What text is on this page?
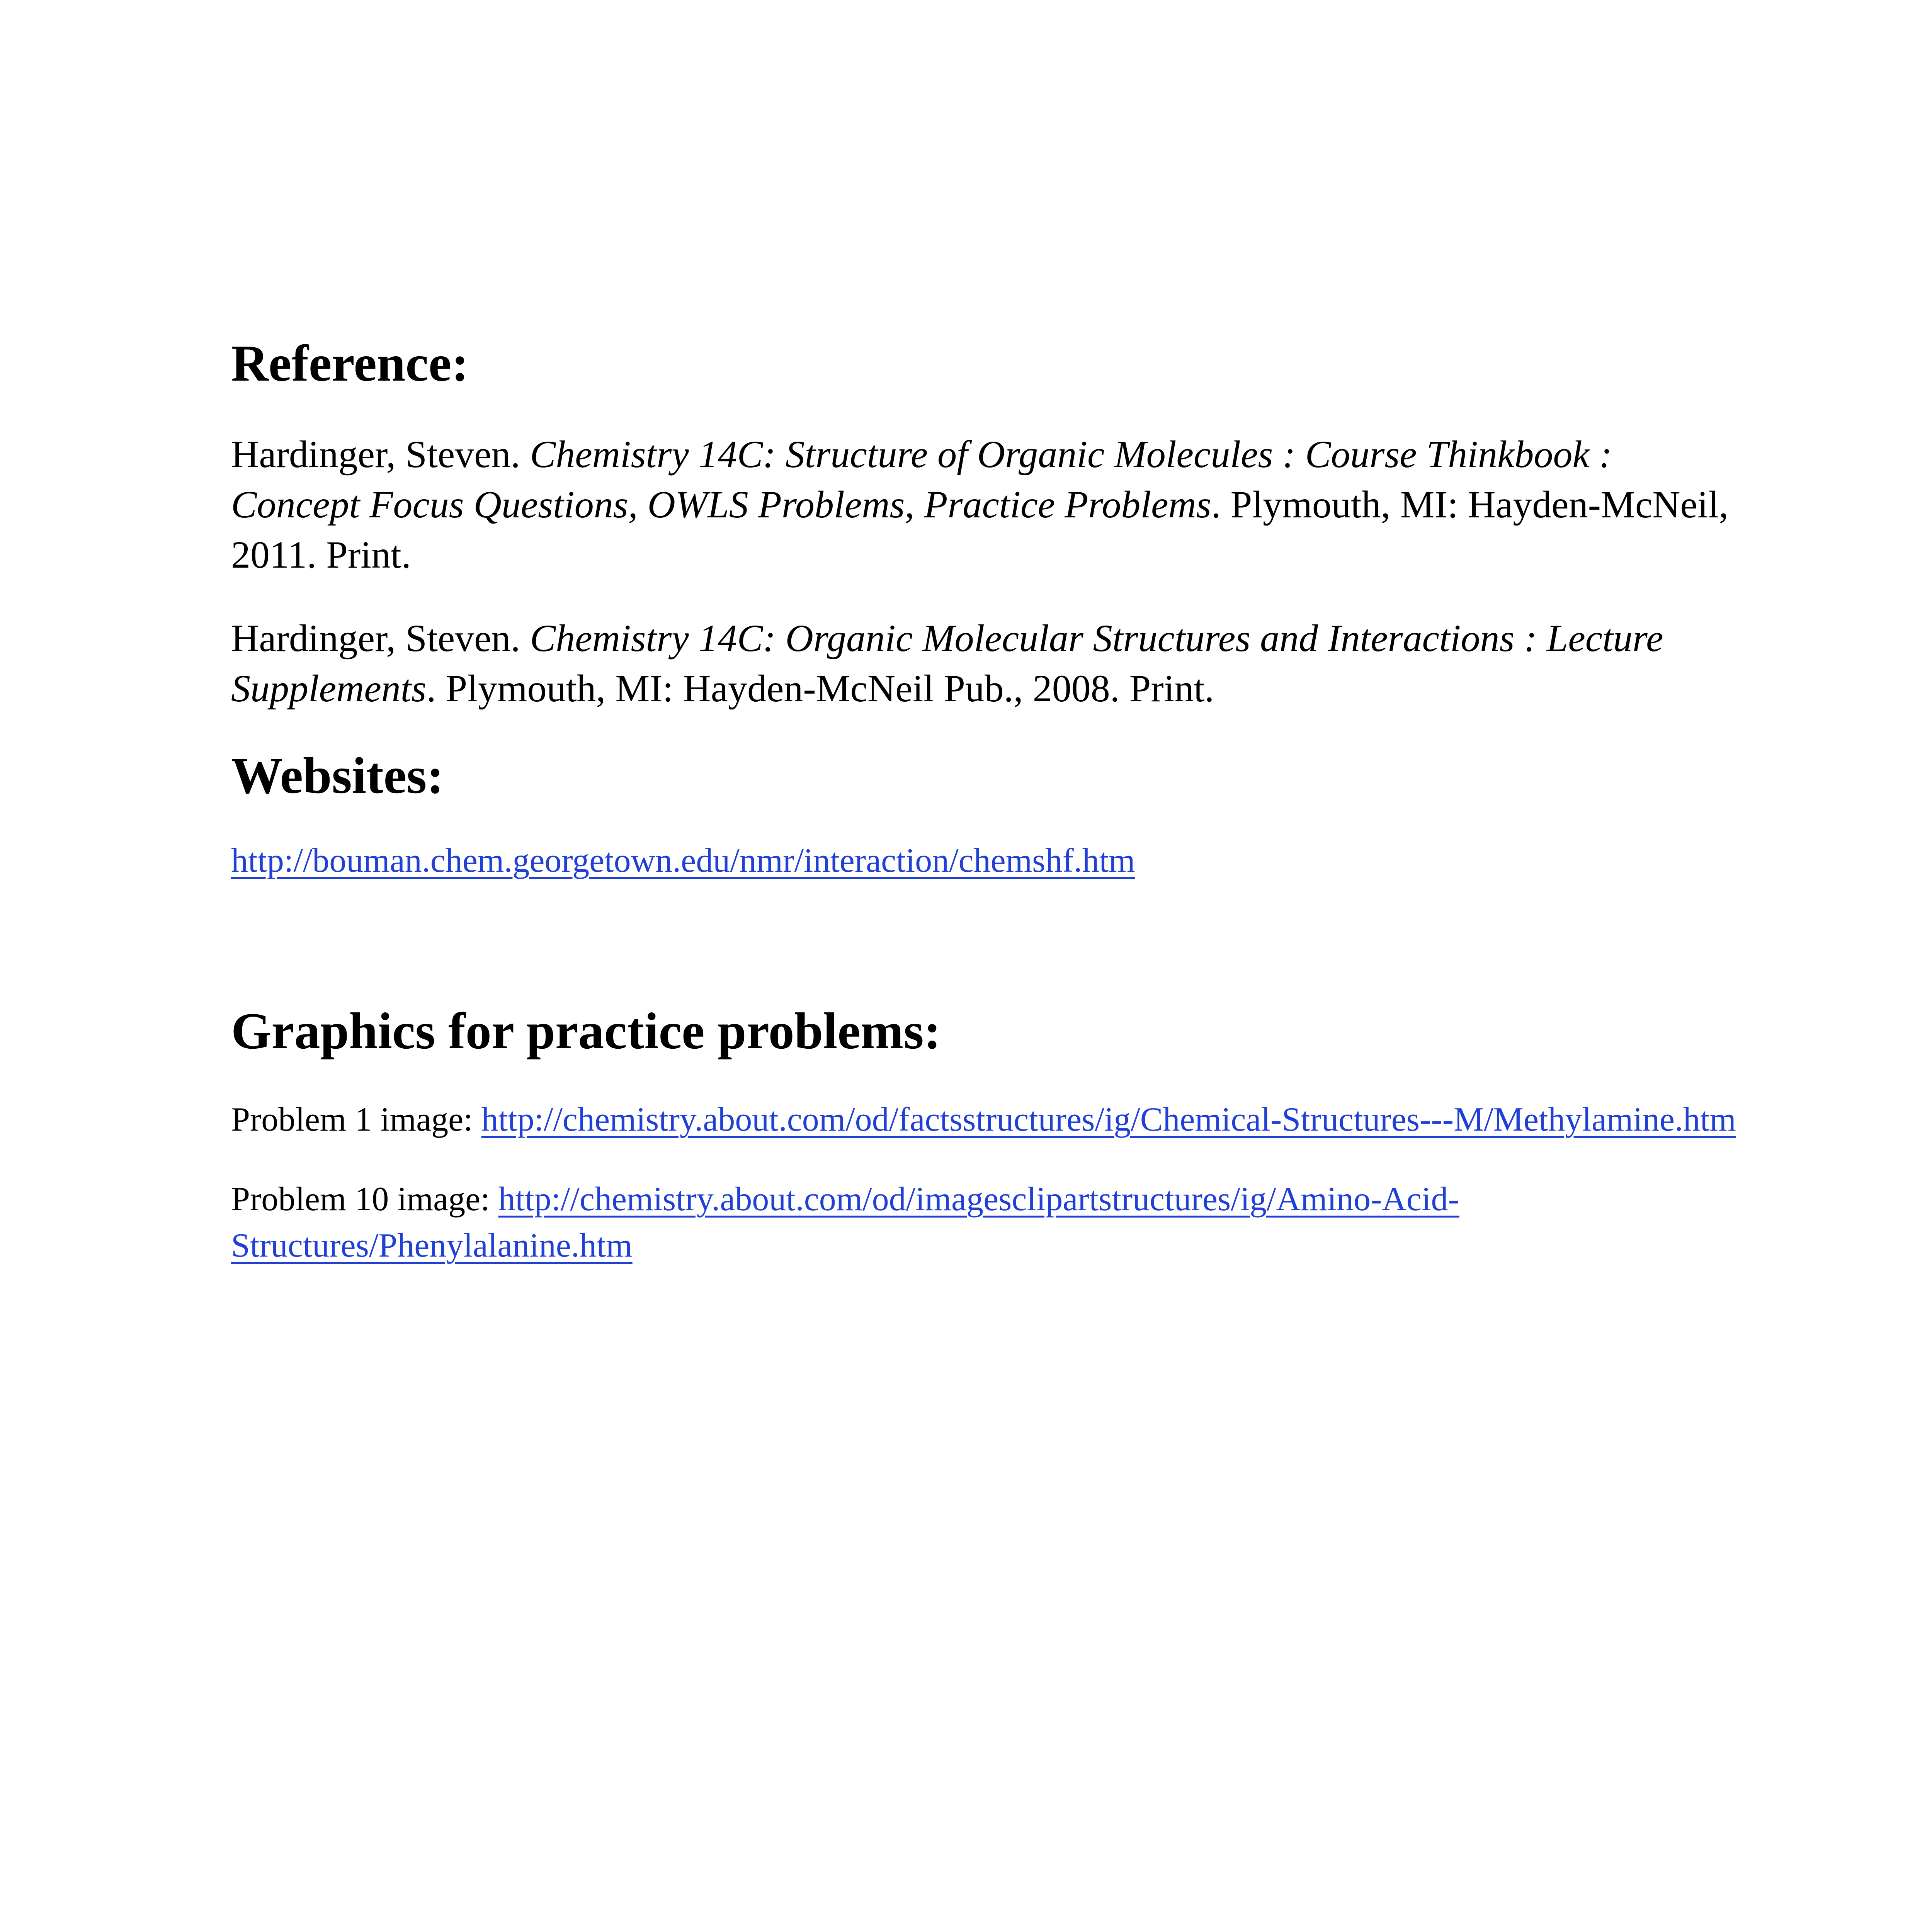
Reference:

Hardinger, Steven. Chemistry 14C: Structure of Organic Molecules : Course Thinkbook : Concept Focus Questions, OWLS Problems, Practice Problems. Plymouth, MI: Hayden-McNeil, 2011. Print.

Hardinger, Steven. Chemistry 14C: Organic Molecular Structures and Interactions : Lecture Supplements. Plymouth, MI: Hayden-McNeil Pub., 2008. Print.

Websites:

http://bouman.chem.georgetown.edu/nmr/interaction/chemshf.htm

Graphics for practice problems:

Problem 1 image: http://chemistry.about.com/od/factsstructures/ig/Chemical-Structures---M/Methylamine.htm

Problem 10 image: http://chemistry.about.com/od/imagesclipartstructures/ig/Amino-Acid-Structures/Phenylalanine.htm
